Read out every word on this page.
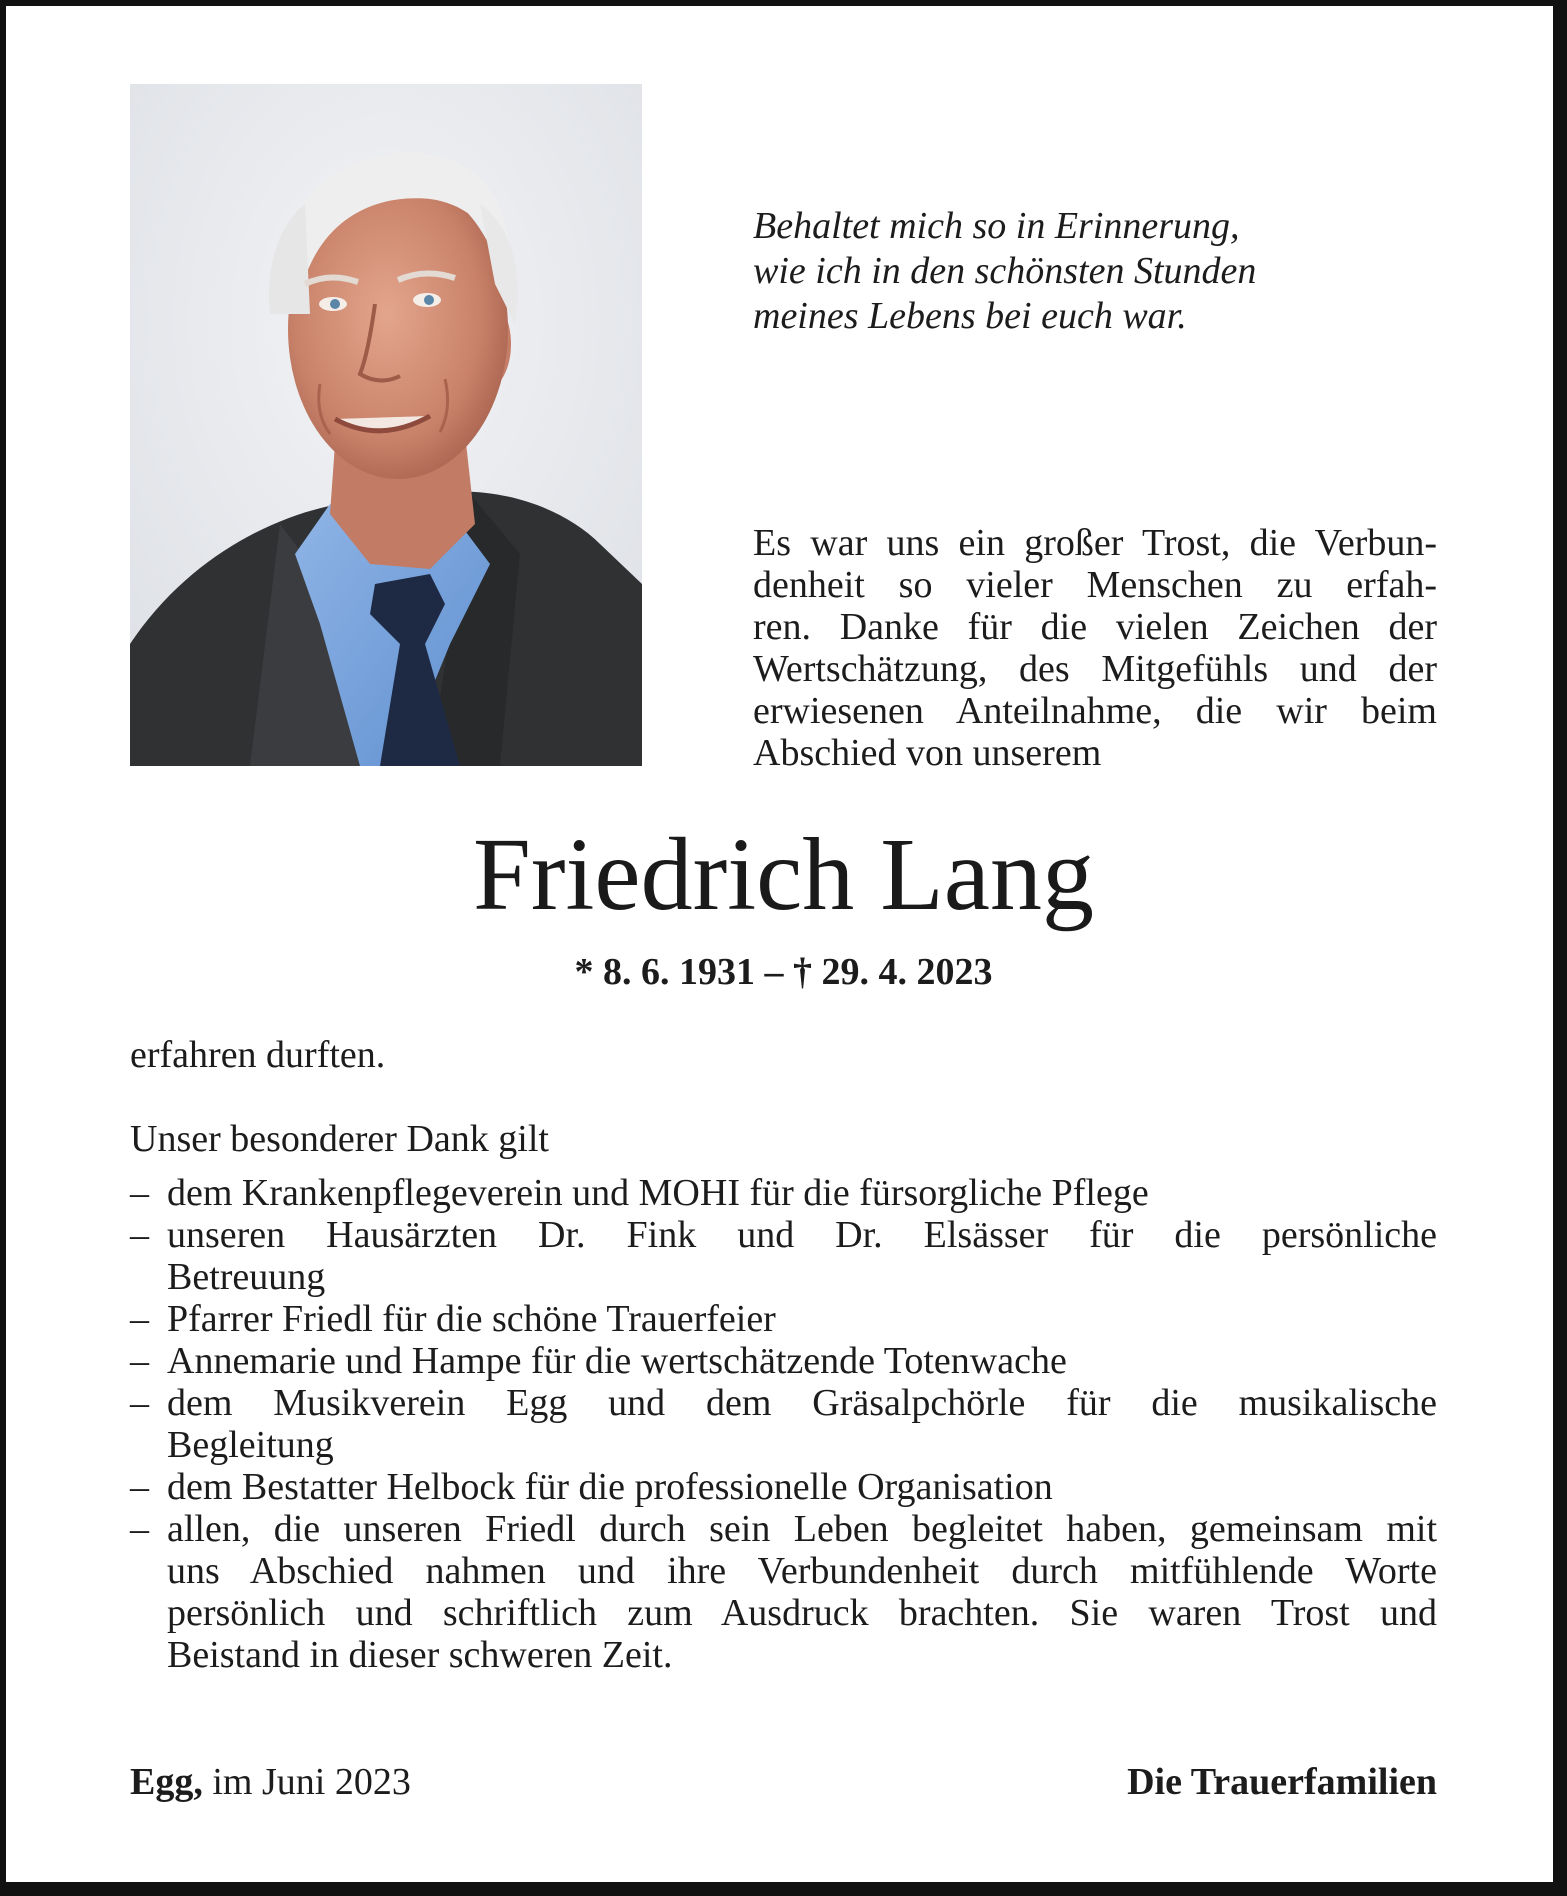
Behaltet mich so in Erinnerung,
wie ich in den schönsten Stunden
meines Lebens bei euch war.
Es war uns ein großer Trost, die Verbun-
denheit so vieler Menschen zu erfah-
ren. Danke für die vielen Zeichen der
Wertschätzung, des Mitgefühls und der
erwiesenen Anteilnahme, die wir beim
Abschied von unserem
Friedrich Lang

* 8. 6. 1931 – † 29. 4. 2023

erfahren durften.

Unser besonderer Dank gilt

– dem Krankenpflegeverein und MOHI für die fürsorgliche Pflege
– unseren Hausärzten Dr. Fink und Dr. Elsässer für die persönliche
Betreuung
– Pfarrer Friedl für die schöne Trauerfeier
– Annemarie und Hampe für die wertschätzende Totenwache
– dem Musikverein Egg und dem Gräsalpchörle für die musikalische
Begleitung
– dem Bestatter Helbock für die professionelle Organisation
– allen, die unseren Friedl durch sein Leben begleitet haben, gemeinsam mit
uns Abschied nahmen und ihre Verbundenheit durch mitfühlende Worte
persönlich und schriftlich zum Ausdruck brachten. Sie waren Trost und
Beistand in dieser schweren Zeit.

Egg, im Juni 2023	Die Trauerfamilien
